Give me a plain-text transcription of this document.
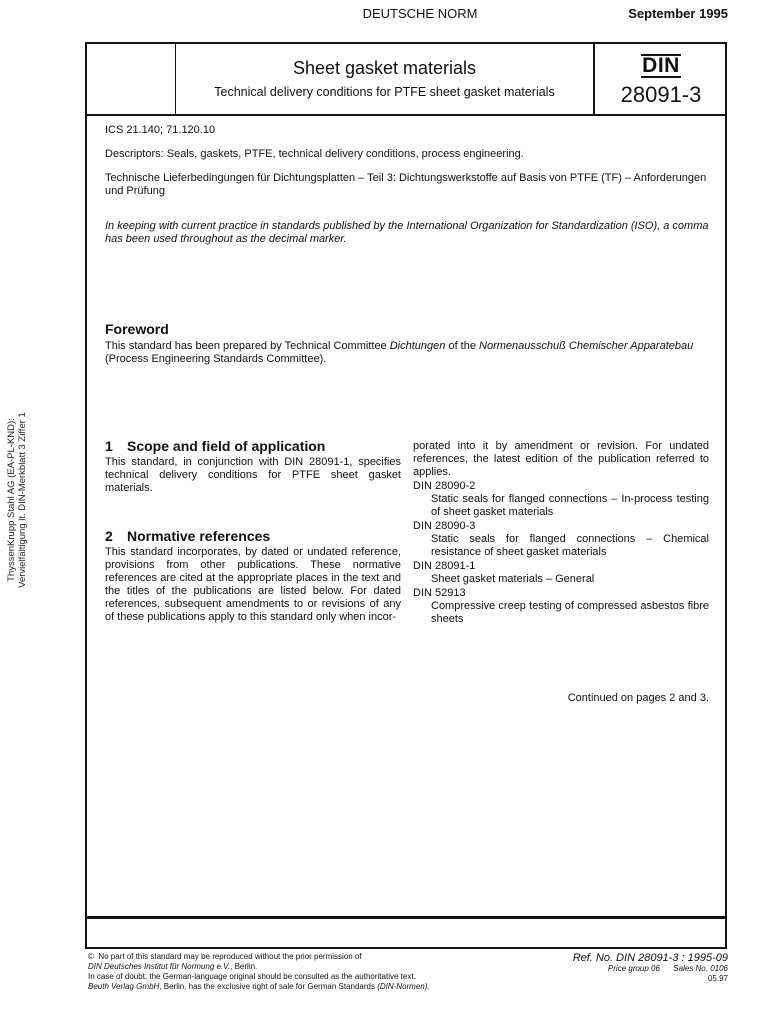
DEUTSCHE NORM	September 1995
ThyssenKrupp Stahl AG (EA-PL-KND): Vervielfältigung lt. DIN-Merkblatt 3 Ziffer 1
Sheet gasket materials
Technical delivery conditions for PTFE sheet gasket materials
DIN
28091-3
ICS 21.140; 71.120.10
Descriptors: Seals, gaskets, PTFE, technical delivery conditions, process engineering.
Technische Lieferbedingungen für Dichtungsplatten – Teil 3: Dichtungswerkstoffe auf Basis von PTFE (TF) – Anforderungen und Prüfung
In keeping with current practice in standards published by the International Organization for Standardization (ISO), a comma has been used throughout as the decimal marker.
Foreword
This standard has been prepared by Technical Committee Dichtungen of the Normenausschuß Chemischer Apparatebau (Process Engineering Standards Committee).
1 Scope and field of application
This standard, in conjunction with DIN 28091-1, specifies technical delivery conditions for PTFE sheet gasket materials.
2 Normative references
This standard incorporates, by dated or undated reference, provisions from other publications. These normative references are cited at the appropriate places in the text and the titles of the publications are listed below. For dated references, subsequent amendments to or revisions of any of these publications apply to this standard only when incor-
porated into it by amendment or revision. For undated references, the latest edition of the publication referred to applies.
DIN 28090-2
Static seals for flanged connections – In-process testing of sheet gasket materials
DIN 28090-3
Static seals for flanged connections – Chemical resistance of sheet gasket materials
DIN 28091-1
Sheet gasket materials – General
DIN 52913
Compressive creep testing of compressed asbestos fibre sheets
Continued on pages 2 and 3.
© No part of this standard may be reproduced without the prior permission of
DIN Deutsches Institut für Normung e.V., Berlin.
In case of doubt, the German-language original should be consulted as the authoritative text.
Beuth Verlag GmbH, Berlin, has the exclusive right of sale for German Standards (DIN-Normen).
Ref. No. DIN 28091-3 : 1995-09
Price group 06 Sales No. 0106
05.97
